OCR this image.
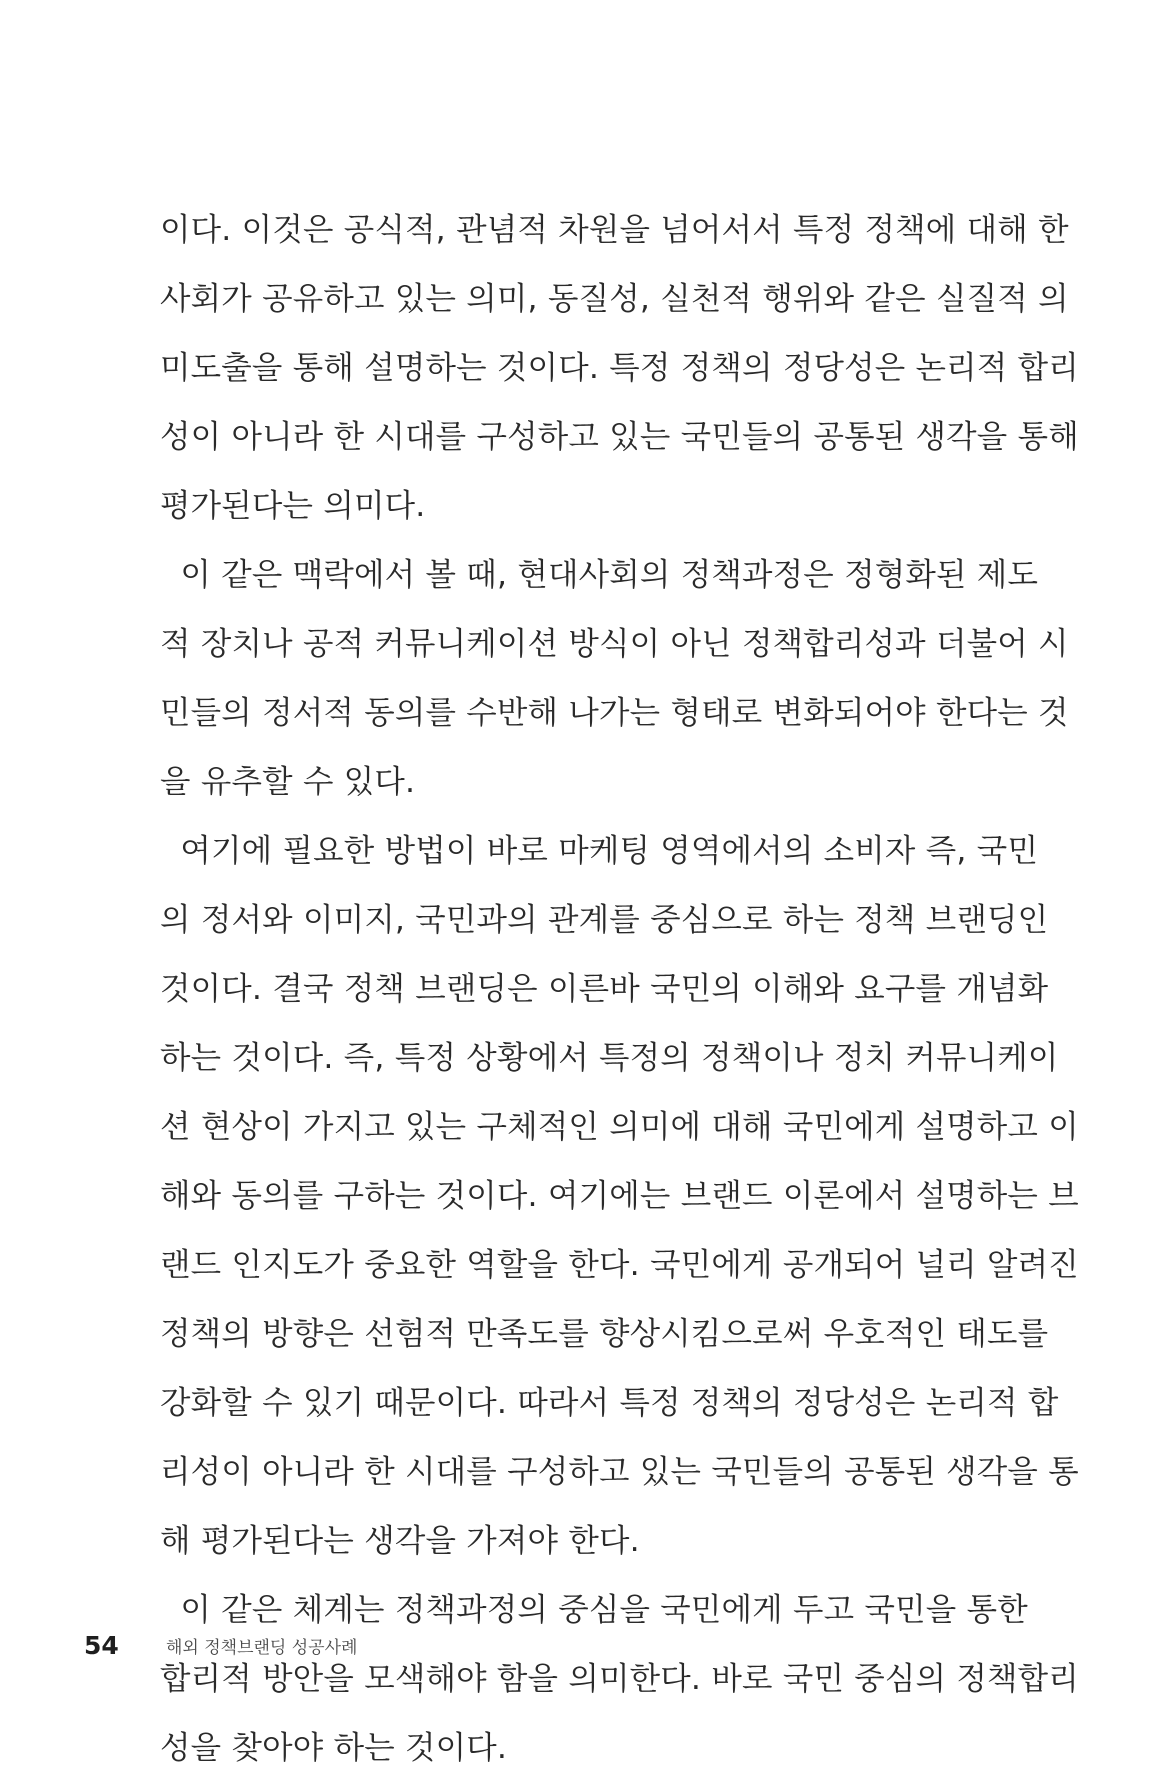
이다. 이것은 공식적, 관념적 차원을 넘어서서 특정 정책에 대해 한
사회가 공유하고 있는 의미, 동질성, 실천적 행위와 같은 실질적 의
미도출을 통해 설명하는 것이다. 특정 정책의 정당성은 논리적 합리
성이 아니라 한 시대를 구성하고 있는 국민들의 공통된 생각을 통해
평가된다는 의미다.
이 같은 맥락에서 볼 때, 현대사회의 정책과정은 정형화된 제도
적 장치나 공적 커뮤니케이션 방식이 아닌 정책합리성과 더불어 시
민들의 정서적 동의를 수반해 나가는 형태로 변화되어야 한다는 것
을 유추할 수 있다.
여기에 필요한 방법이 바로 마케팅 영역에서의 소비자 즉, 국민
의 정서와 이미지, 국민과의 관계를 중심으로 하는 정책 브랜딩인
것이다. 결국 정책 브랜딩은 이른바 국민의 이해와 요구를 개념화
하는 것이다. 즉, 특정 상황에서 특정의 정책이나 정치 커뮤니케이
션 현상이 가지고 있는 구체적인 의미에 대해 국민에게 설명하고 이
해와 동의를 구하는 것이다. 여기에는 브랜드 이론에서 설명하는 브
랜드 인지도가 중요한 역할을 한다. 국민에게 공개되어 널리 알려진
정책의 방향은 선험적 만족도를 향상시킴으로써 우호적인 태도를
강화할 수 있기 때문이다. 따라서 특정 정책의 정당성은 논리적 합
리성이 아니라 한 시대를 구성하고 있는 국민들의 공통된 생각을 통
해 평가된다는 생각을 가져야 한다.
이 같은 체계는 정책과정의 중심을 국민에게 두고 국민을 통한
합리적 방안을 모색해야 함을 의미한다. 바로 국민 중심의 정책합리
성을 찾아야 하는 것이다.
54	해외 정책브랜딩 성공사례
